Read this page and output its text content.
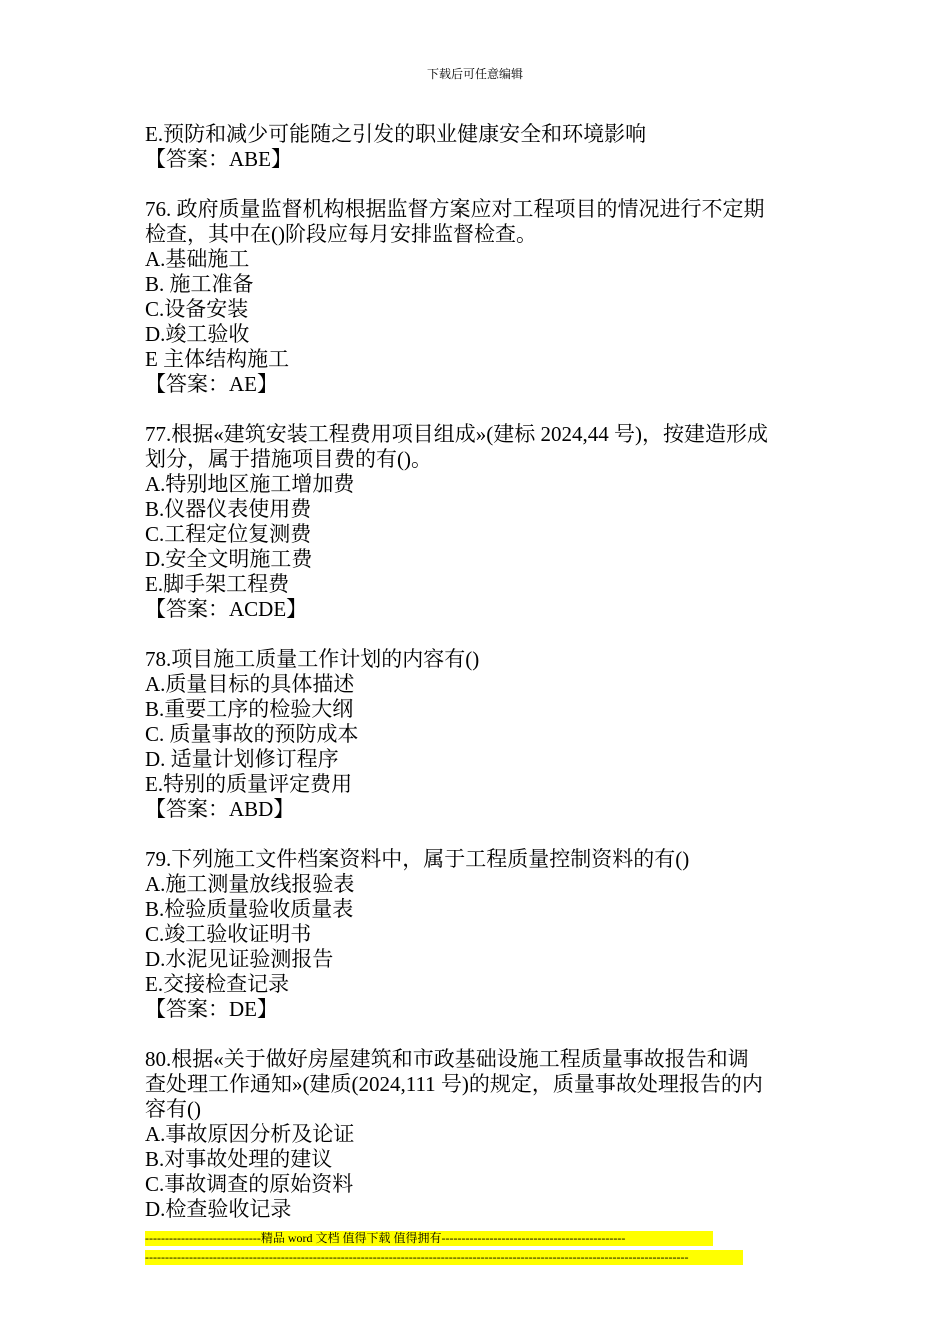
下载后可任意编辑

E.预防和减少可能随之引发的职业健康安全和环境影响

【答案：ABE】

76. 政府质量监督机构根据监督方案应对工程项目的情况进行不定期

检查，其中在()阶段应每月安排监督检查。

A.基础施工

B. 施工准备

C.设备安装

D.竣工验收

E 主体结构施工

【答案：AE】

77.根据«建筑安装工程费用项目组成»(建标 2024,44 号)，按建造形成

划分，属于措施项目费的有()。

A.特别地区施工增加费

B.仪器仪表使用费

C.工程定位复测费

D.安全文明施工费

E.脚手架工程费

【答案：ACDE】

78.项目施工质量工作计划的内容有()

A.质量目标的具体描述

B.重要工序的检验大纲

C. 质量事故的预防成本

D. 适量计划修订程序

E.特别的质量评定费用

【答案：ABD】

79.下列施工文件档案资料中，属于工程质量控制资料的有()

A.施工测量放线报验表

B.检验质量验收质量表

C.竣工验收证明书

D.水泥见证验测报告

E.交接检查记录

【答案：DE】

80.根据«关于做好房屋建筑和市政基础设施工程质量事故报告和调

查处理工作通知»(建质(2024,111 号)的规定，质量事故处理报告的内

容有()

A.事故原因分析及论证

B.对事故处理的建议

C.事故调查的原始资料

D.检查验收记录

-----------------------------精品 word 文档 值得下载 值得拥有----------------------------------------------
----------------------------------------------------------------------------------------------------------------------------------------
